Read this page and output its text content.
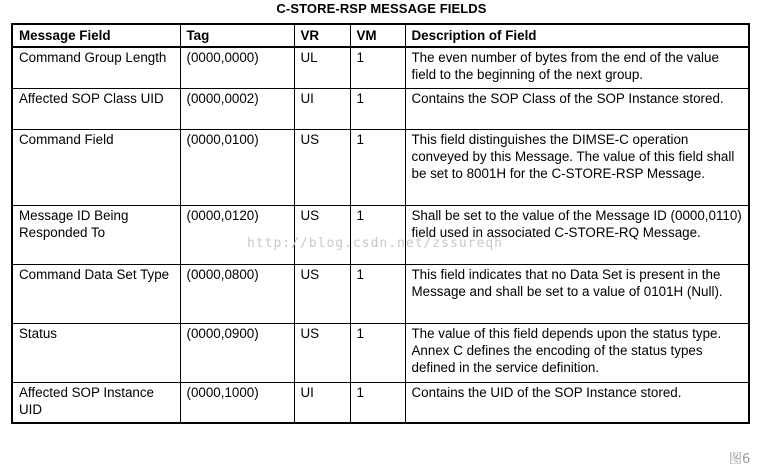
C-STORE-RSP MESSAGE FIELDS
Message Field	Tag	VR	VM	Description of Field
Command Group Length	(0000,0000)	UL	1	The even number of bytes from the end of the value field to the beginning of the next group.
Affected SOP Class UID	(0000,0002)	UI	1	Contains the SOP Class of the SOP Instance stored.
Command Field	(0000,0100)	US	1	This field distinguishes the DIMSE-C operation conveyed by this Message. The value of this field shall be set to 8001H for the C-STORE-RSP Message.
Message ID Being Responded To	(0000,0120)	US	1	Shall be set to the value of the Message ID (0000,0110) field used in associated C-STORE-RQ Message.
Command Data Set Type	(0000,0800)	US	1	This field indicates that no Data Set is present in the Message and shall be set to a value of 0101H (Null).
Status	(0000,0900)	US	1	The value of this field depends upon the status type. Annex C defines the encoding of the status types defined in the service definition.
Affected SOP Instance UID	(0000,1000)	UI	1	Contains the UID of the SOP Instance stored.
http://blog.csdn.net/zssureqh
图6
